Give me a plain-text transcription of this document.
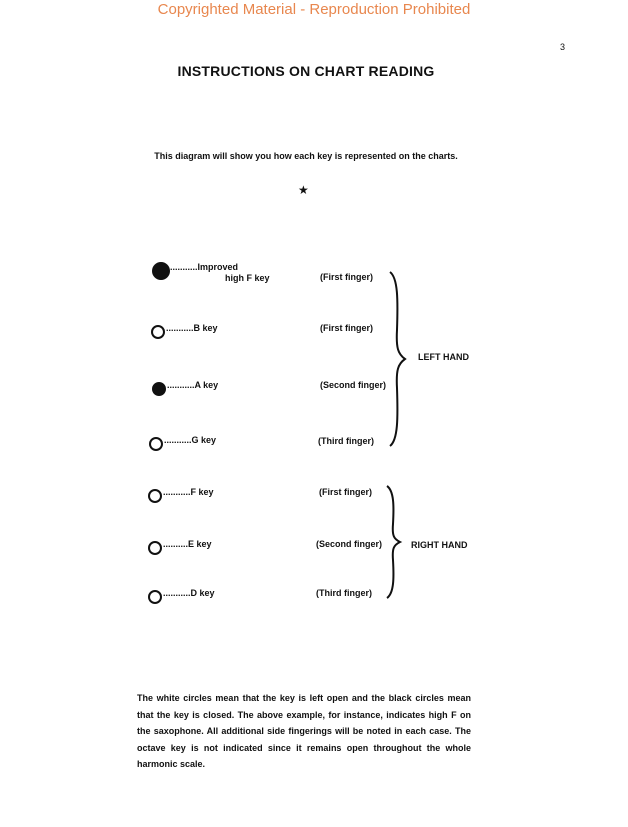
Copyrighted Material - Reproduction Prohibited
3
INSTRUCTIONS ON CHART READING
This diagram will show you how each key is represented on the charts.
★
...........Improved
high F key	(First finger)
...........B key	(First finger)
...........A key	(Second finger)
...........G key	(Third finger)
...........F key	(First finger)
..........E key	(Second finger)
...........D key	(Third finger)
LEFT HAND
RIGHT HAND
The white circles mean that the key is left open and the black circles mean that the key is closed. The above example, for instance, indicates high F on the saxophone. All additional side fingerings will be noted in each case. The octave key is not indicated since it remains open throughout the whole harmonic scale.
